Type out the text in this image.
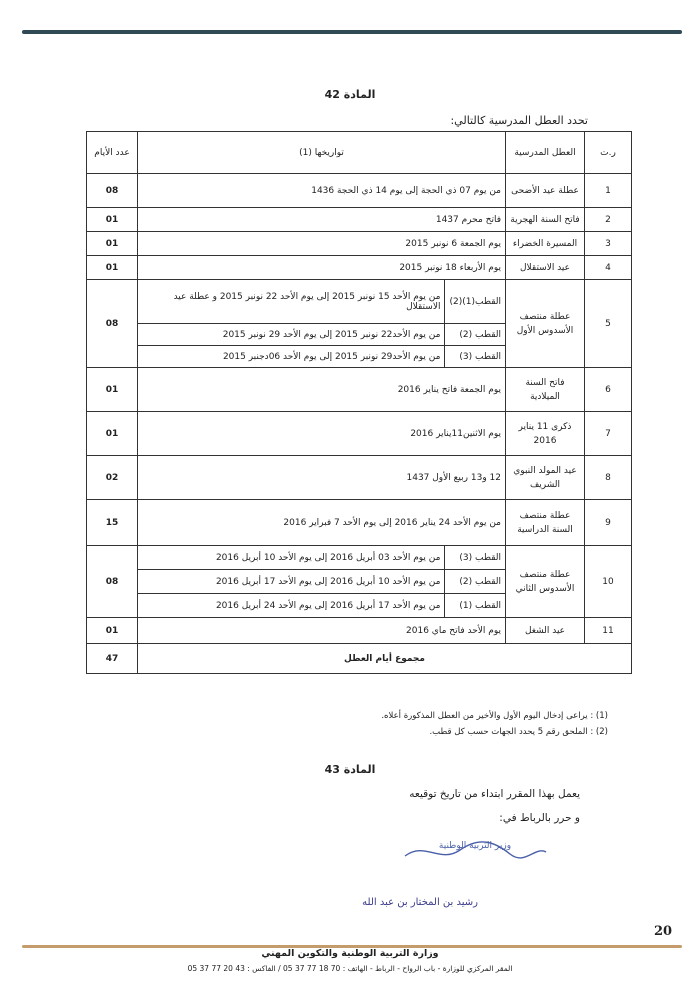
المادة 42
تحدد العطل المدرسية كالتالي:
ر.ت	العطل المدرسية	تواريخها (1)		عدد الأيام
1	عطلة عيد الأضحى	من يوم 07 ذي الحجة إلى يوم 14 ذي الحجة 1436		08
2	فاتح السنة الهجرية	فاتح محرم 1437		01
3	المسيرة الخضراء	يوم الجمعة 6 نونبر 2015		01
4	عيد الاستقلال	يوم الأربعاء 18 نونبر 2015		01
5	عطلة منتصف الأسدوس الأول	القطب(1)(2)	من يوم الأحد 15 نونبر 2015 إلى يوم الأحد 22 نونبر 2015 و عطلة عيد الاستقلال	08
		القطب (2)	من يوم الأحد22 نونبر 2015 إلى يوم الأحد 29 نونبر 2015	
		القطب (3)	من يوم الأحد29 نونبر 2015 إلى يوم الأحد 06دجنبر 2015	
6	فاتح السنة الميلادية	يوم الجمعة فاتح يناير 2016		01
7	ذكرى 11 يناير 2016	يوم الاثنين11يناير 2016		01
8	عيد المولد النبوي الشريف	12 و13 ربيع الأول 1437		02
9	عطلة منتصف السنة الدراسية	من يوم الأحد 24 يناير 2016 إلى يوم الأحد 7 فبراير 2016		15
10	عطلة منتصف الأسدوس الثاني	القطب (3)	من يوم الأحد 03 أبريل 2016 إلى يوم الأحد 10 أبريل 2016	08
		القطب (2)	من يوم الأحد 10 أبريل 2016 إلى يوم الأحد 17 أبريل 2016	
		القطب (1)	من يوم الأحد 17 أبريل 2016 إلى يوم الأحد 24 أبريل 2016	
11	عيد الشغل	يوم الأحد فاتح ماي 2016		01
مجموع أيام العطل				47
(1) : يراعى إدخال اليوم الأول والأخير من العطل المذكورة أعلاه.
(2) : الملحق رقم 5 يحدد الجهات حسب كل قطب.
المادة 43
يعمل بهذا المقرر ابتداء من تاريخ توقيعه
و حرر بالرباط في:
وزير التربية الوطنية
رشيد بن المختار بن عبد الله
20
وزارة التربية الوطنية والتكوين المهني
المقر المركزي للوزارة - باب الرواح - الرباط - الهاتف : 70 18 77 37 05 / الفاكس : 43 20 77 37 05
